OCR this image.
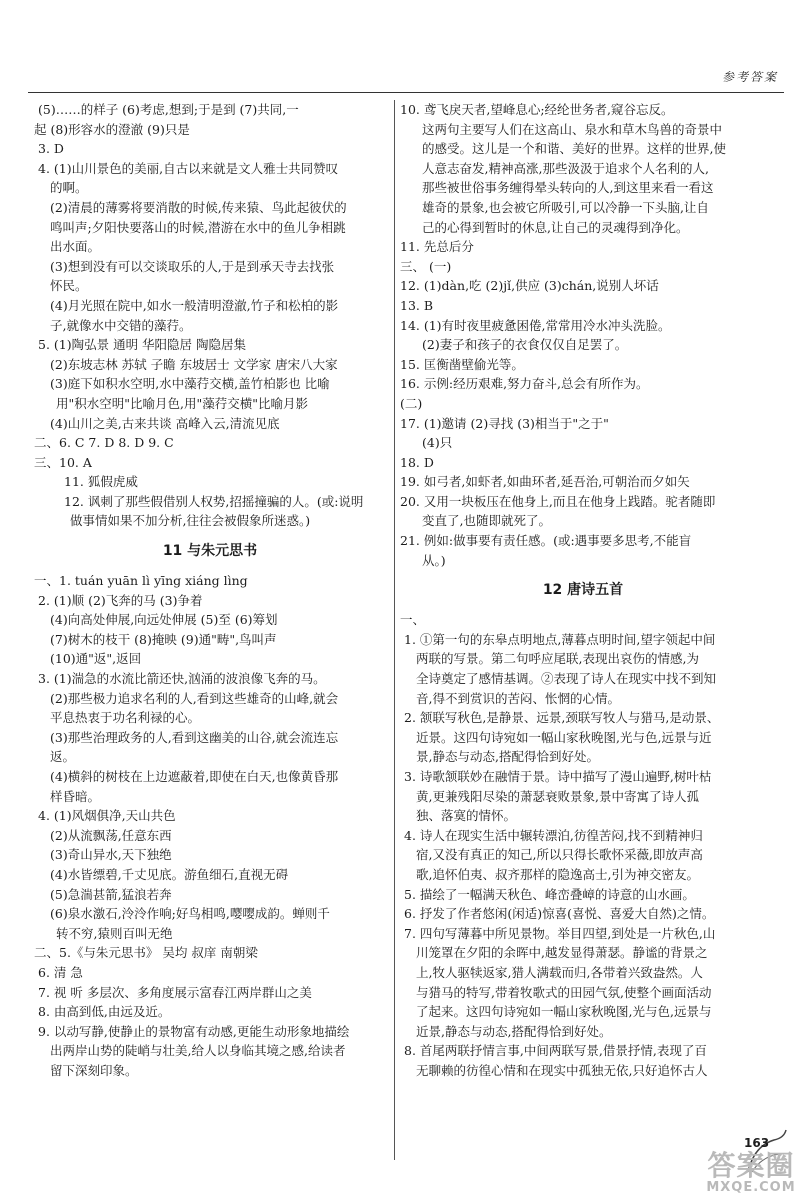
参考答案
(5)……的样子 (6)考虑,想到;于是到 (7)共同,一
起 (8)形容水的澄澈 (9)只是
3. D
4. (1)山川景色的美丽,自古以来就是文人雅士共同赞叹
的啊。
(2)清晨的薄雾将要消散的时候,传来猿、鸟此起彼伏的
鸣叫声;夕阳快要落山的时候,潜游在水中的鱼儿争相跳
出水面。
(3)想到没有可以交谈取乐的人,于是到承天寺去找张
怀民。
(4)月光照在院中,如水一般清明澄澈,竹子和松柏的影
子,就像水中交错的藻荇。
5. (1)陶弘景 通明 华阳隐居 陶隐居集
(2)东坡志林 苏轼 子瞻 东坡居士 文学家 唐宋八大家
(3)庭下如积水空明,水中藻荇交横,盖竹柏影也 比喻
用"积水空明"比喻月色,用"藻荇交横"比喻月影
(4)山川之美,古来共谈 高峰入云,清流见底
二、6. C 7. D 8. D 9. C
三、10. A
11. 狐假虎威
12. 讽刺了那些假借别人权势,招摇撞骗的人。(或:说明
做事情如果不加分析,往往会被假象所迷惑。)
11 与朱元思书
一、1. tuán yuān lì yīng xiáng lìng
2. (1)顺 (2)飞奔的马 (3)争着
(4)向高处伸展,向远处伸展 (5)至 (6)筹划
(7)树木的枝干 (8)掩映 (9)通"畴",鸟叫声
(10)通"返",返回
3. (1)湍急的水流比箭还快,汹涌的波浪像飞奔的马。
(2)那些极力追求名利的人,看到这些雄奇的山峰,就会
平息热衷于功名利禄的心。
(3)那些治理政务的人,看到这幽美的山谷,就会流连忘
返。
(4)横斜的树枝在上边遮蔽着,即使在白天,也像黄昏那
样昏暗。
4. (1)风烟俱净,天山共色
(2)从流飘荡,任意东西
(3)奇山异水,天下独绝
(4)水皆缥碧,千丈见底。游鱼细石,直视无碍
(5)急湍甚箭,猛浪若奔
(6)泉水激石,泠泠作响;好鸟相鸣,嘤嘤成韵。蝉则千
转不穷,猿则百叫无绝
二、5.《与朱元思书》 吴均 叔庠 南朝梁
6. 清 急
7. 视 听 多层次、多角度展示富春江两岸群山之美
8. 由高到低,由远及近。
9. 以动写静,使静止的景物富有动感,更能生动形象地描绘
出两岸山势的陡峭与壮美,给人以身临其境之感,给读者
留下深刻印象。
10. 鸢飞戾天者,望峰息心;经纶世务者,窥谷忘反。
这两句主要写人们在这高山、泉水和草木鸟兽的奇景中
的感受。这儿是一个和谐、美好的世界。这样的世界,使
人意志奋发,精神高涨,那些汲汲于追求个人名利的人,
那些被世俗事务缠得晕头转向的人,到这里来看一看这
雄奇的景象,也会被它所吸引,可以冷静一下头脑,让自
己的心得到暂时的休息,让自己的灵魂得到净化。
11. 先总后分
三、 (一)
12. (1)dàn,吃 (2)jǐ,供应 (3)chán,说别人坏话
13. B
14. (1)有时夜里疲惫困倦,常常用冷水冲头洗脸。
(2)妻子和孩子的衣食仅仅自足罢了。
15. 匡衡凿壁偷光等。
16. 示例:经历艰难,努力奋斗,总会有所作为。
(二)
17. (1)邀请 (2)寻找 (3)相当于"之于"
(4)只
18. D
19. 如弓者,如虾者,如曲环者,延吾治,可朝治而夕如矢
20. 又用一块板压在他身上,而且在他身上践踏。驼者随即
变直了,也随即就死了。
21. 例如:做事要有责任感。(或:遇事要多思考,不能盲
从。)
12 唐诗五首
一、
1. ①第一句的东皋点明地点,薄暮点明时间,望字领起中间
两联的写景。第二句呼应尾联,表现出哀伤的情感,为
全诗奠定了感情基调。②表现了诗人在现实中找不到知
音,得不到赏识的苦闷、怅惘的心情。
2. 颔联写秋色,是静景、远景,颈联写牧人与猎马,是动景、
近景。这四句诗宛如一幅山家秋晚图,光与色,远景与近
景,静态与动态,搭配得恰到好处。
3. 诗歌颔联妙在融情于景。诗中描写了漫山遍野,树叶枯
黄,更兼残阳尽染的萧瑟衰败景象,景中寄寓了诗人孤
独、落寞的情怀。
4. 诗人在现实生活中辗转漂泊,彷徨苦闷,找不到精神归
宿,又没有真正的知己,所以只得长歌怀采薇,即放声高
歌,追怀伯夷、叔齐那样的隐逸高士,引为神交密友。
5. 描绘了一幅满天秋色、峰峦叠嶂的诗意的山水画。
6. 抒发了作者悠闲(闲适)惊喜(喜悦、喜爱大自然)之情。
7. 四句写薄暮中所见景物。举目四望,到处是一片秋色,山
川笼罩在夕阳的余晖中,越发显得萧瑟。静谧的背景之
上,牧人驱犊返家,猎人满载而归,各带着兴致盎然。人
与猎马的特写,带着牧歌式的田园气氛,使整个画面活动
了起来。这四句诗宛如一幅山家秋晚图,光与色,远景与
近景,静态与动态,搭配得恰到好处。
8. 首尾两联抒情言事,中间两联写景,借景抒情,表现了百
无聊赖的彷徨心情和在现实中孤独无依,只好追怀古人
163
答案圈
MXQE.COM
